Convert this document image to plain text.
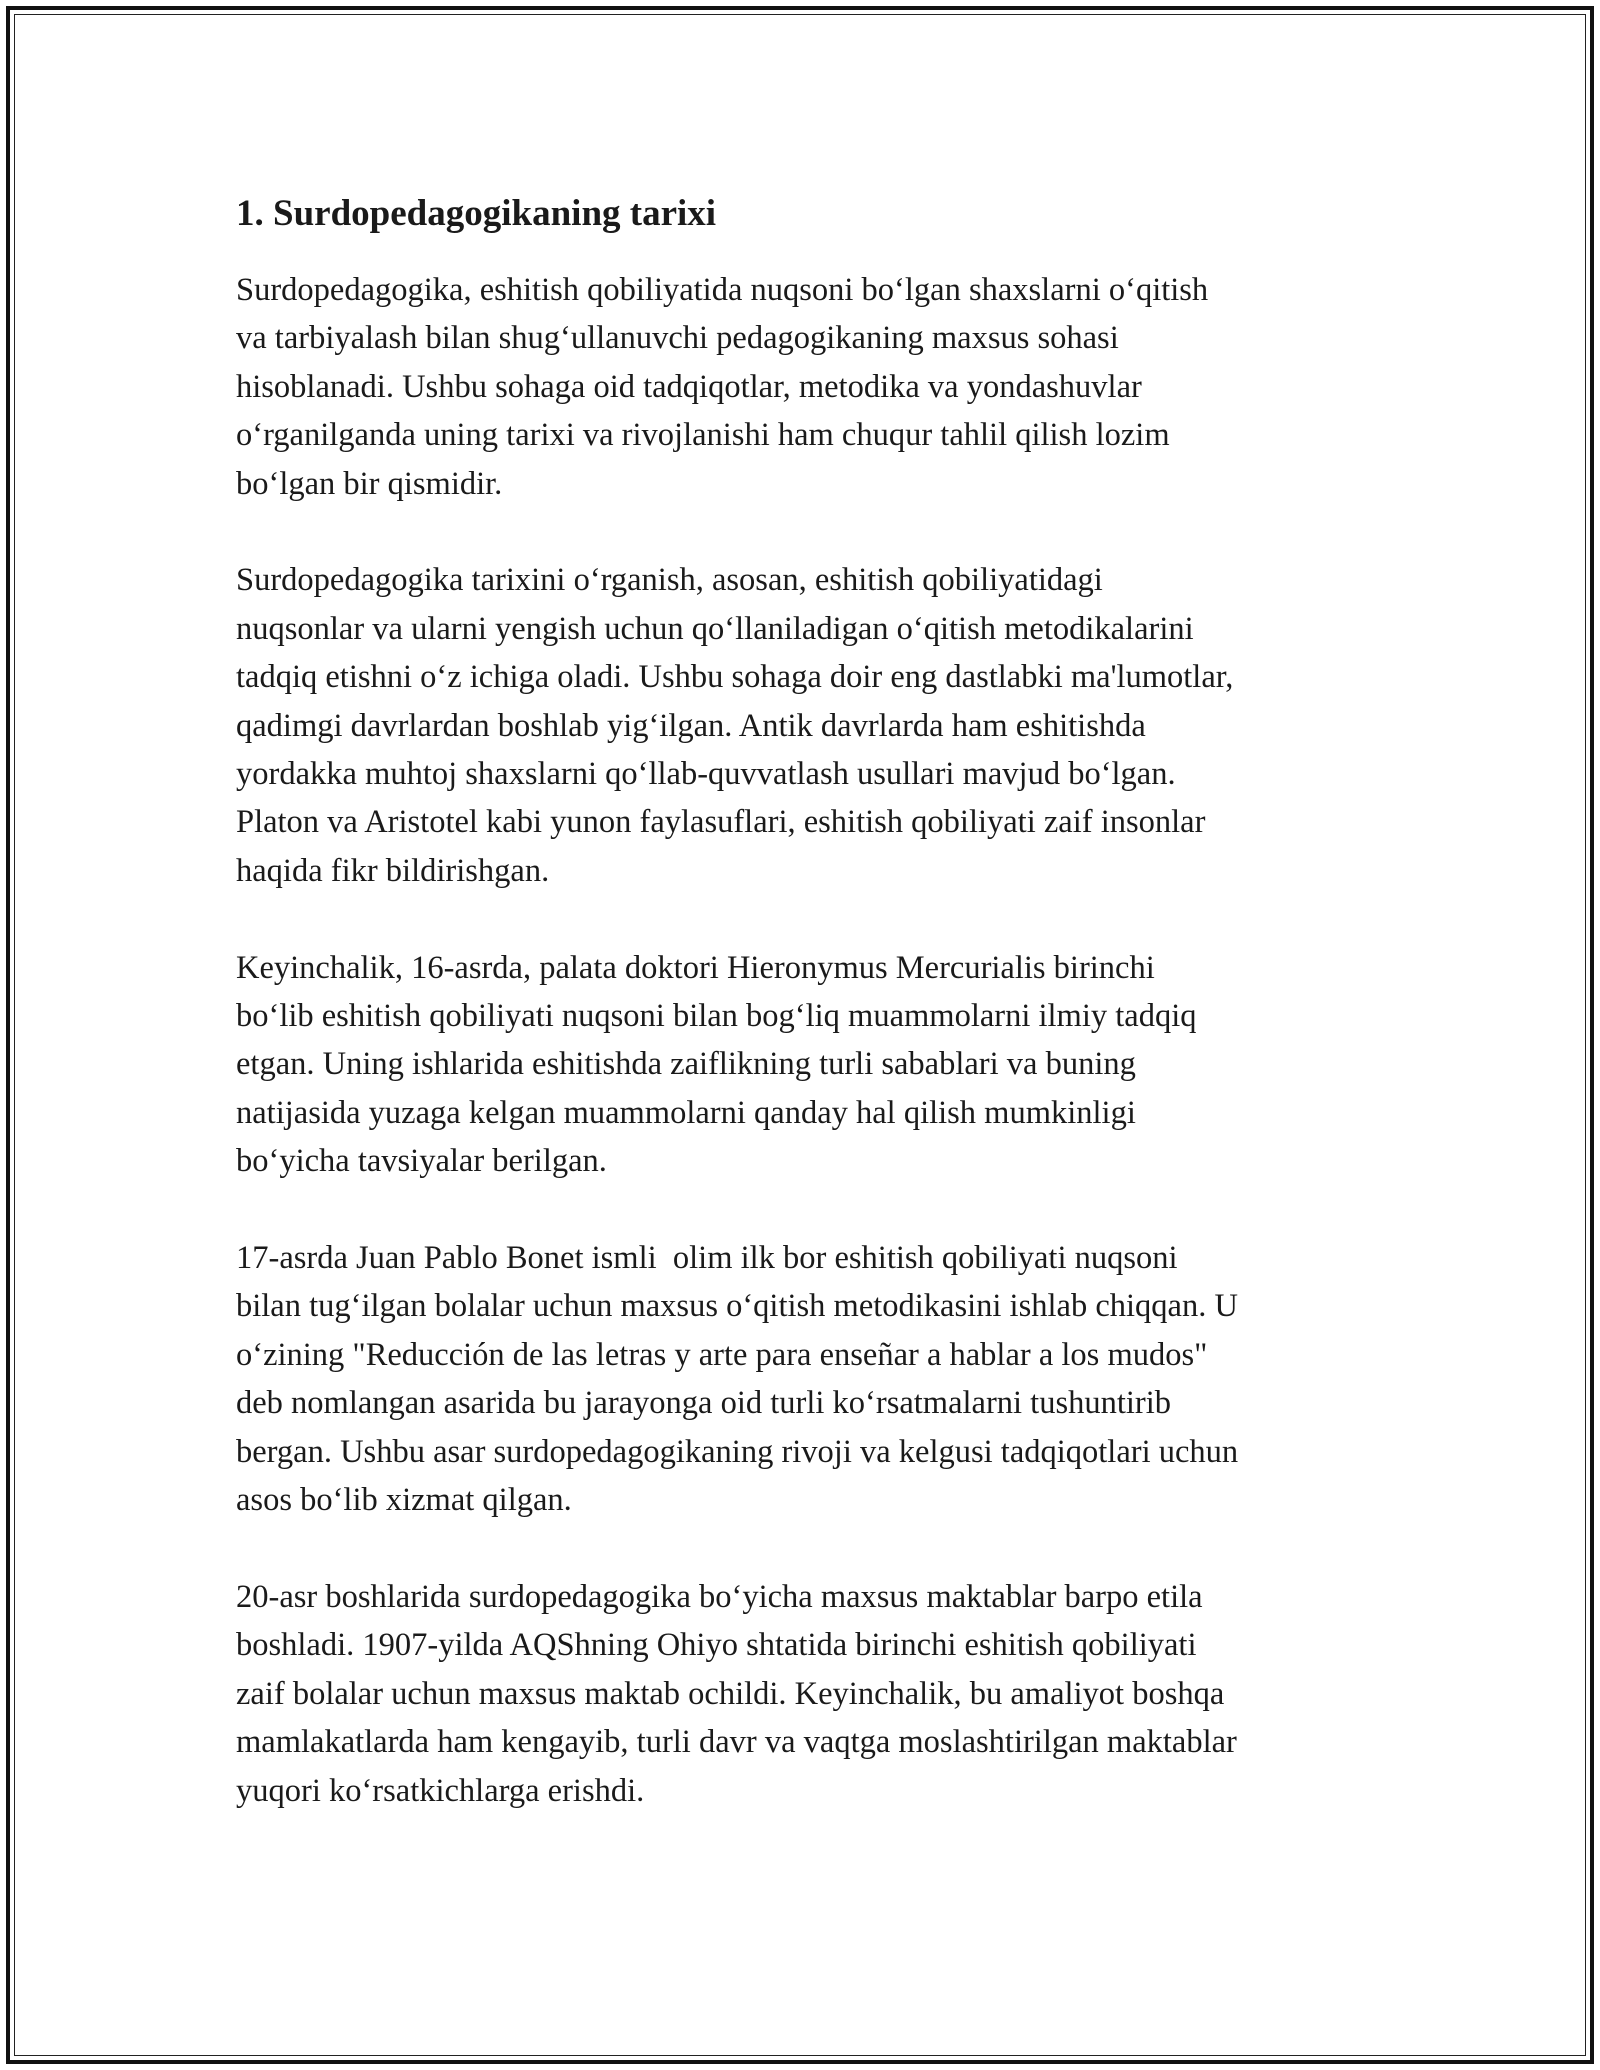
1. Surdopedagogikaning tarixi
Surdopedagogika, eshitish qobiliyatida nuqsoni bo‘lgan shaxslarni o‘qitish
va tarbiyalash bilan shug‘ullanuvchi pedagogikaning maxsus sohasi
hisoblanadi. Ushbu sohaga oid tadqiqotlar, metodika va yondashuvlar
o‘rganilganda uning tarixi va rivojlanishi ham chuqur tahlil qilish lozim
bo‘lgan bir qismidir.
Surdopedagogika tarixini o‘rganish, asosan, eshitish qobiliyatidagi
nuqsonlar va ularni yengish uchun qo‘llaniladigan o‘qitish metodikalarini
tadqiq etishni o‘z ichiga oladi. Ushbu sohaga doir eng dastlabki ma'lumotlar,
qadimgi davrlardan boshlab yig‘ilgan. Antik davrlarda ham eshitishda
yordakka muhtoj shaxslarni qo‘llab-quvvatlash usullari mavjud bo‘lgan.
Platon va Aristotel kabi yunon faylasuflari, eshitish qobiliyati zaif insonlar
haqida fikr bildirishgan.
Keyinchalik, 16-asrda, palata doktori Hieronymus Mercurialis birinchi
bo‘lib eshitish qobiliyati nuqsoni bilan bog‘liq muammolarni ilmiy tadqiq
etgan. Uning ishlarida eshitishda zaiflikning turli sabablari va buning
natijasida yuzaga kelgan muammolarni qanday hal qilish mumkinligi
bo‘yicha tavsiyalar berilgan.
17-asrda Juan Pablo Bonet ismli  olim ilk bor eshitish qobiliyati nuqsoni
bilan tug‘ilgan bolalar uchun maxsus o‘qitish metodikasini ishlab chiqqan. U
o‘zining "Reducción de las letras y arte para enseñar a hablar a los mudos"
deb nomlangan asarida bu jarayonga oid turli ko‘rsatmalarni tushuntirib
bergan. Ushbu asar surdopedagogikaning rivoji va kelgusi tadqiqotlari uchun
asos bo‘lib xizmat qilgan.
20-asr boshlarida surdopedagogika bo‘yicha maxsus maktablar barpo etila
boshladi. 1907-yilda AQShning Ohiyo shtatida birinchi eshitish qobiliyati
zaif bolalar uchun maxsus maktab ochildi. Keyinchalik, bu amaliyot boshqa
mamlakatlarda ham kengayib, turli davr va vaqtga moslashtirilgan maktablar
yuqori ko‘rsatkichlarga erishdi.
